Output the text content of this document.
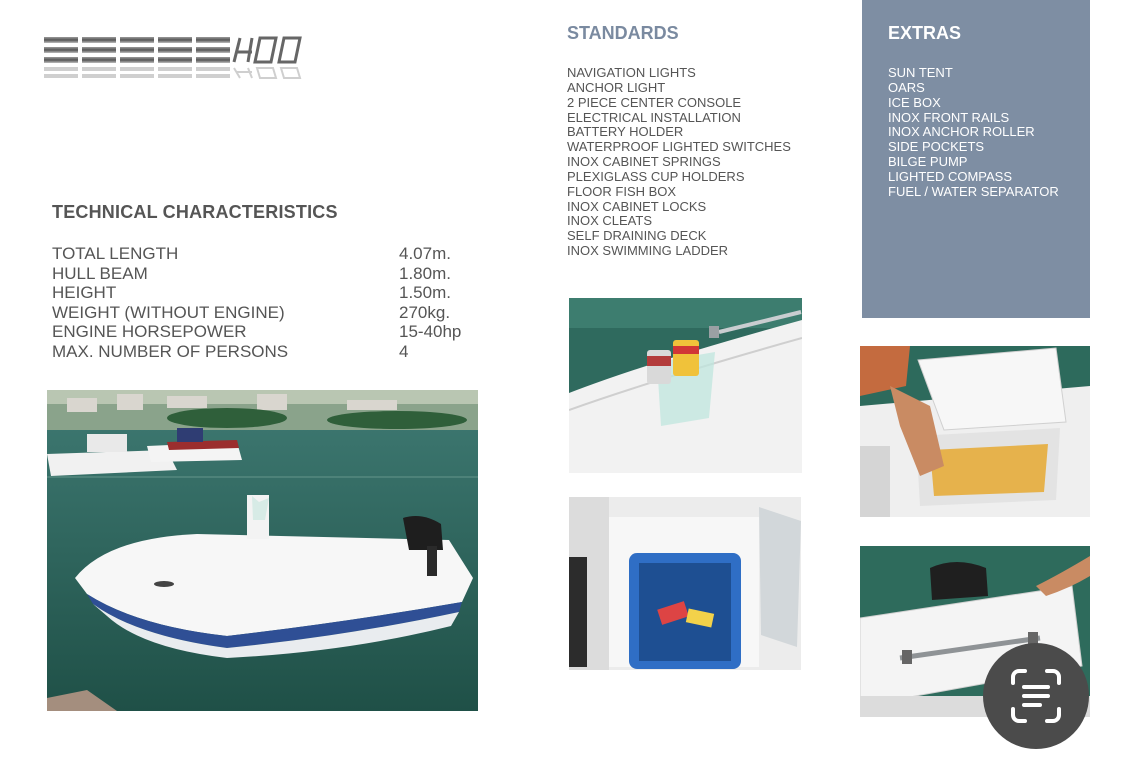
TECHNICAL CHARACTERISTICS
TOTAL LENGTH	4.07m.
HULL BEAM	1.80m.
HEIGHT	1.50m.
WEIGHT (WITHOUT ENGINE)	270kg.
ENGINE HORSEPOWER	15-40hp
MAX. NUMBER OF PERSONS	4
STANDARDS
NAVIGATION LIGHTS
ANCHOR LIGHT
2 PIECE CENTER CONSOLE
ELECTRICAL INSTALLATION
BATTERY HOLDER
WATERPROOF LIGHTED SWITCHES
INOX CABINET SPRINGS
PLEXIGLASS CUP HOLDERS
FLOOR FISH BOX
INOX CABINET LOCKS
INOX CLEATS
SELF DRAINING DECK
INOX SWIMMING LADDER
EXTRAS
SUN TENT
OARS
ICE BOX
INOX FRONT RAILS
INOX ANCHOR ROLLER
SIDE POCKETS
BILGE PUMP
LIGHTED COMPASS
FUEL / WATER SEPARATOR
